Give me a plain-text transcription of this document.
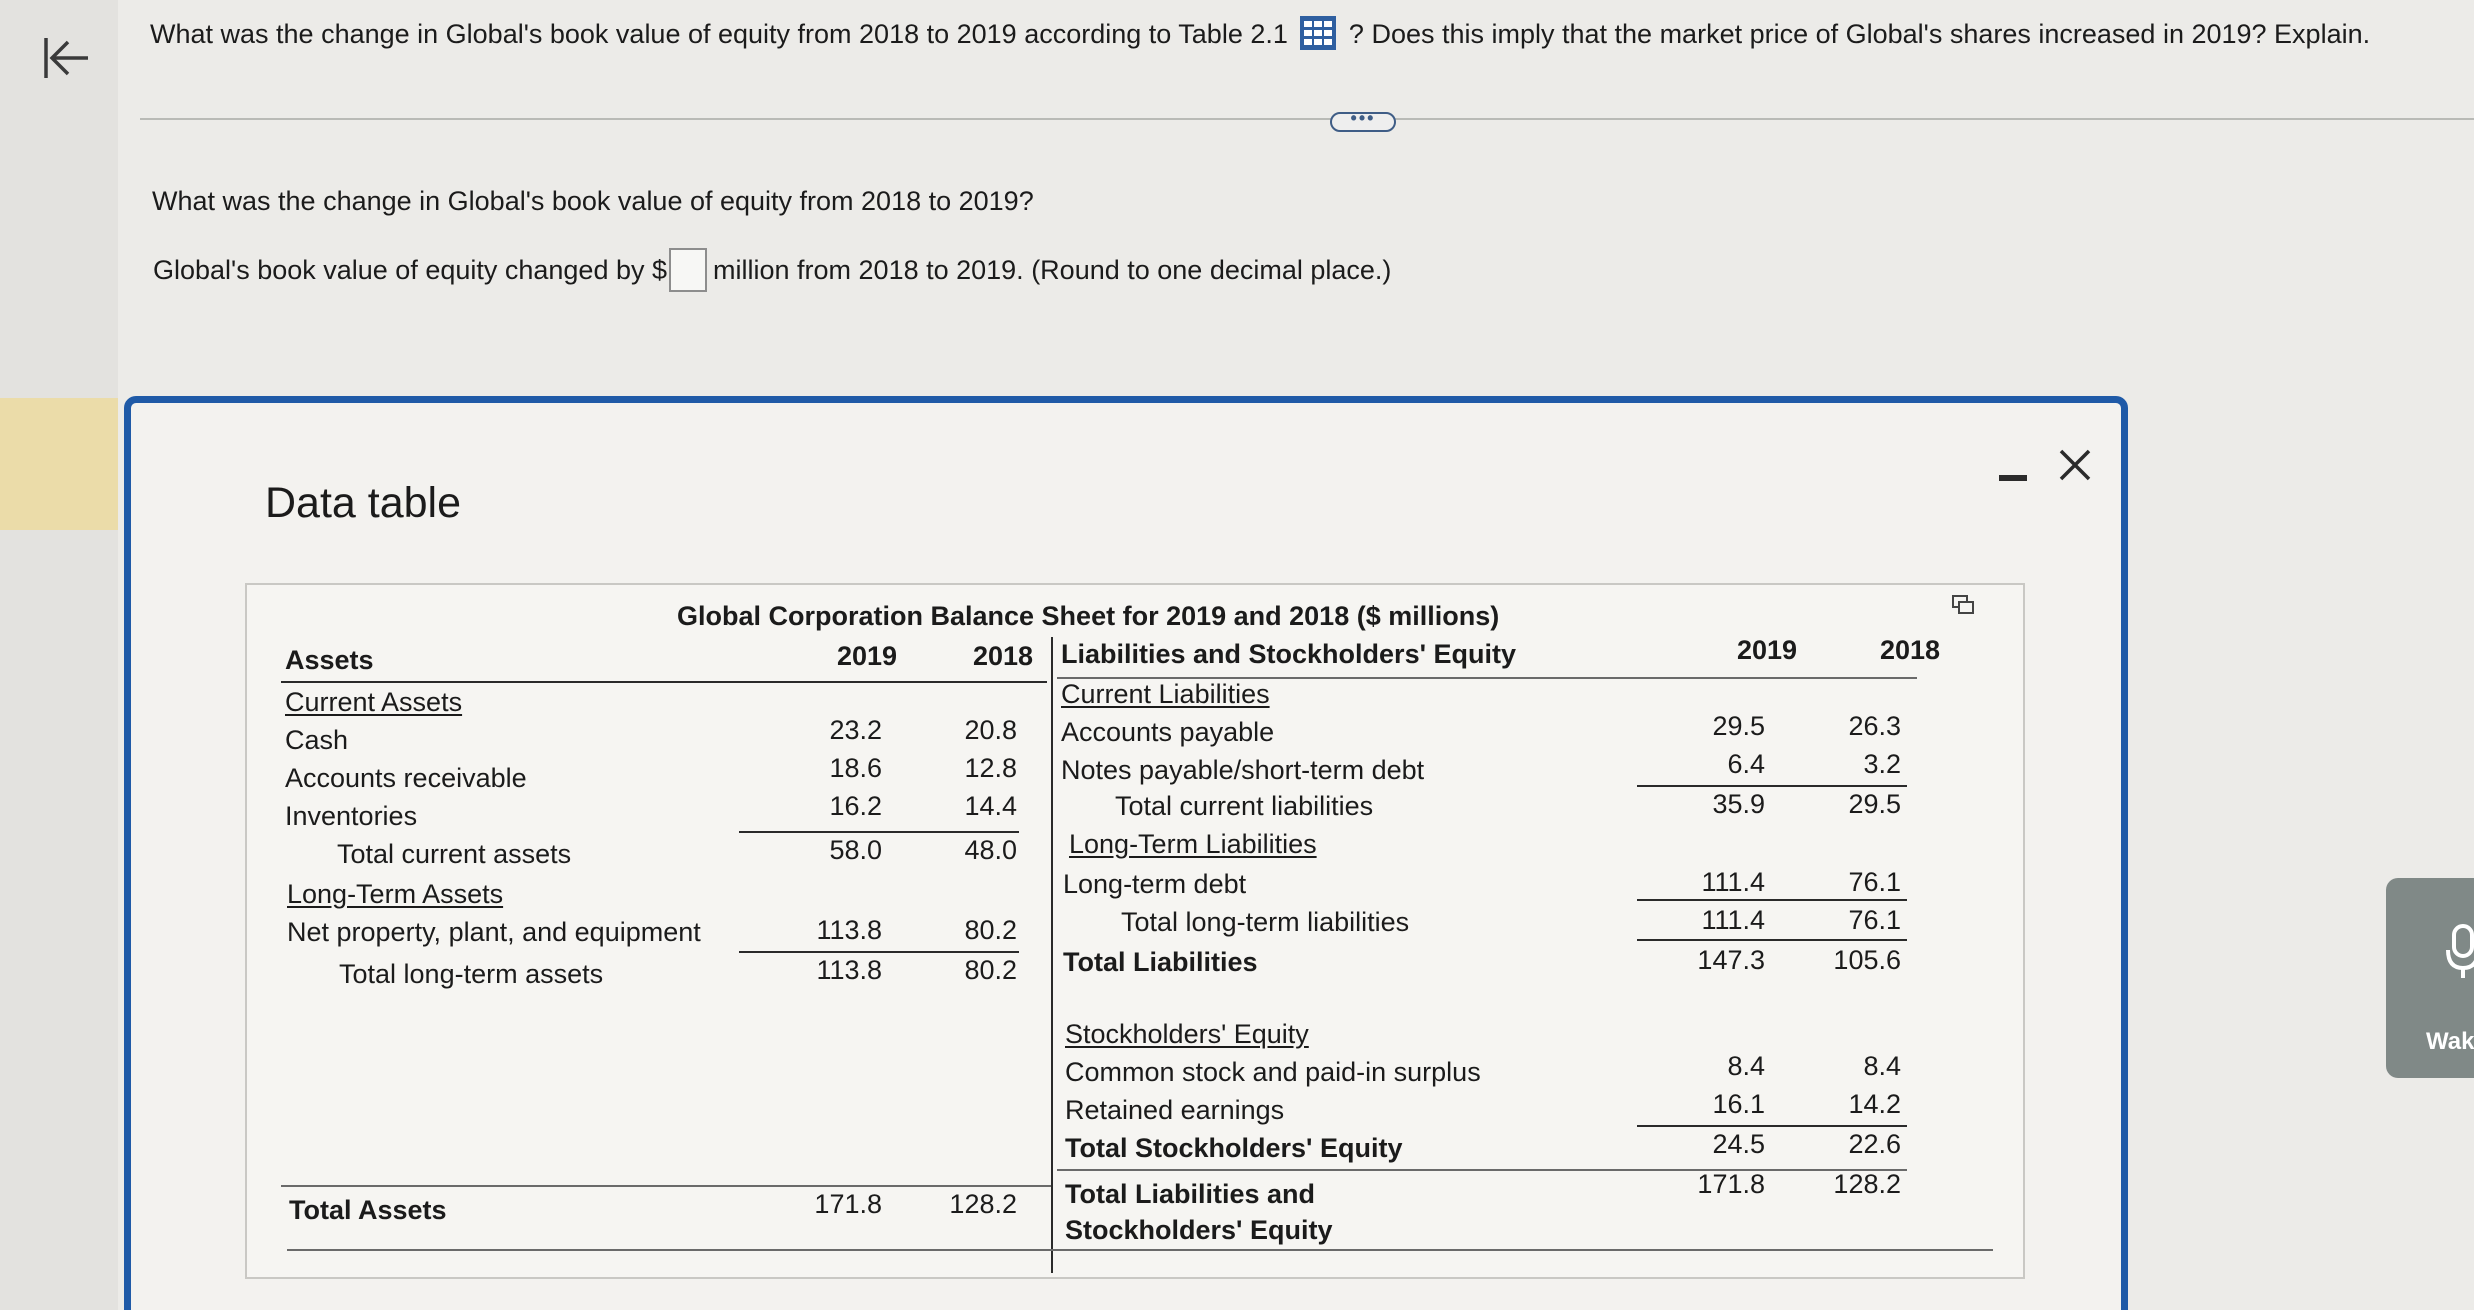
What was the change in Global's book value of equity from 2018 to 2019 according to Table 2.1 ? Does this imply that the market price of Global's shares increased in 2019? Explain.
•••
What was the change in Global's book value of equity from 2018 to 2019?
Global's book value of equity changed by $ million from 2018 to 2019. (Round to one decimal place.)
Data table
Global Corporation Balance Sheet for 2019 and 2018 ($ millions)
Assets	2019	2018 Liabilities and Stockholders' Equity	2019	2018
Current Assets
Cash	23.2	20.8
Accounts receivable	18.6	12.8
Inventories	16.2	14.4
Total current assets	58.0	48.0
Long-Term Assets
Net property, plant, and equipment	113.8	80.2
Total long-term assets	113.8	80.2
Total Assets	171.8	128.2
Current Liabilities
Accounts payable	29.5	26.3
Notes payable/short-term debt	6.4	3.2
Total current liabilities	35.9	29.5
Long-Term Liabilities
Long-term debt	111.4	76.1
Total long-term liabilities	111.4	76.1
Total Liabilities	147.3	105.6
Stockholders' Equity
Common stock and paid-in surplus	8.4	8.4
Retained earnings	16.1	14.2
Total Stockholders' Equity	24.5	22.6
Total Liabilities and
Stockholders' Equity
171.8	128.2
Wak
